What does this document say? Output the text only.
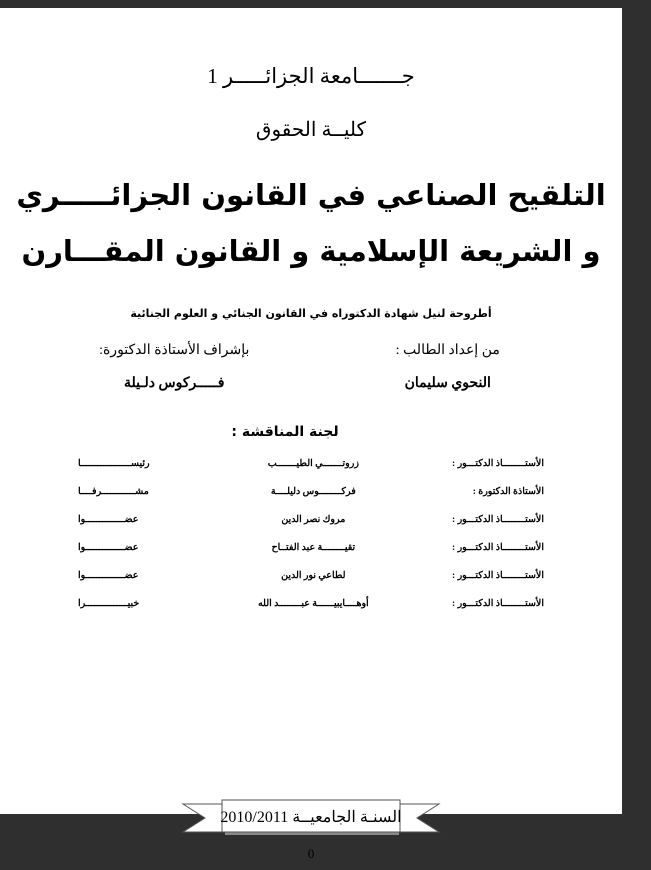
جـــــــامعة الجزائـــــر 1
كليــة الحقوق
التلقيح الصناعي في القانون الجزائـــــري
و الشريعة الإسلامية و القانون المقـــارن
أطروحة لنيل شهادة الدكتوراه في القانون الجنائي و العلوم الجنائية
من إعداد الطالب :
بإشراف الأستاذة الدكتورة:
النحوي سليمان
فـــــركوس دلـيلة
لجنة المناقشة :
الأستــــــــاذ الدكتـــور :
زروتـــــــي الطيـــــــب
رئيســــــــــــــــــا
الأستاذة الدكتورة :
فركــــــــوس دليلــــة
مشــــــــــــرفــــا
الأستــــــــاذ الدكتـــور :
مروك نصر الدين
عضــــــــــــــوا
الأستــــــــاذ الدكتـــور :
تقيــــــــة عبد الفتــاح
عضــــــــــــــوا
الأستــــــــاذ الدكتـــور :
لطاعي نور الدين
عضــــــــــــــوا
الأستــــــــاذ الدكتـــور :
أوهــــايبيــــــة عبــــــــد الله
خبيـــــــــــــــرا
السنـة الجامعيــة 2010/2011
0
